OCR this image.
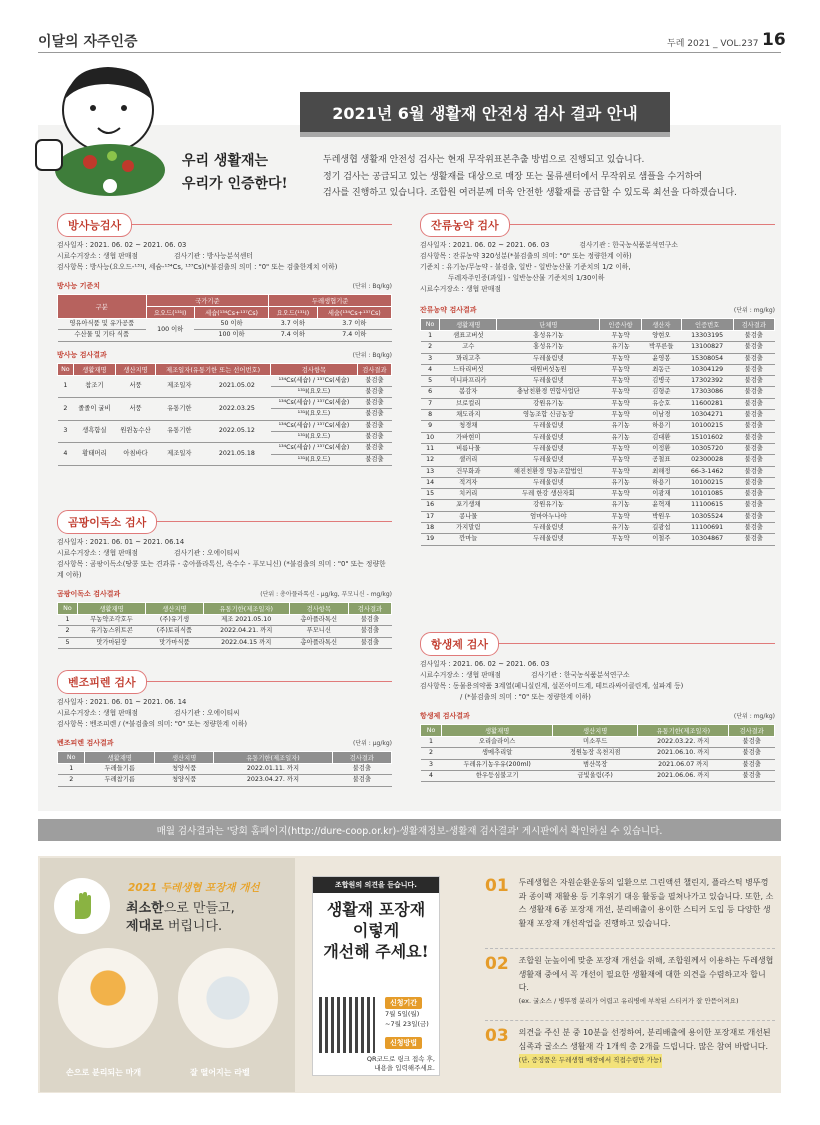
이달의 자주인증	두레 2021 _ VOL.237 16
2021년 6월 생활재 안전성 검사 결과 안내
우리 생활재는
우리가 인증한다!
두레생협 생활재 안전성 검사는 현재 무작위표본추출 방법으로 진행되고 있습니다.
정기 검사는 공급되고 있는 생활재를 대상으로 매장 또는 물류센터에서 무작위로 샘플을 수거하여
검사를 진행하고 있습니다. 조합원 여러분께 더욱 안전한 생활재를 공급할 수 있도록 최선을 다하겠습니다.
방사능검사
검사일자 : 2021. 06. 02 ~ 2021. 06. 03
시료수거장소 : 생협 판매점	검사기관 : 방사능분석센터
검사항목 : 방사능(요오드-¹³¹I, 세슘-¹³⁴Cs, ¹³⁷Cs)(*불검출의 의미 : "0" 또는 검출한계치 이하)
방사능 기준치	(단위 : Bq/kg)
구분	국가기준		두레생협기준	
	요오드(¹³¹I)	세슘(¹³⁴Cs+¹³⁷Cs)	요오드(¹³¹I)	세슘(¹³⁴Cs+¹³⁷Cs)
영유아식품 및 유가공품	100 이하	50 이하	3.7 이하	3.7 이하
수산물 및 기타 식품		100 이하	7.4 이하	7.4 이하
방사능 검사결과	(단위 : Bq/kg)
No	생활재명	생산지명	제조일자(유통기한 또는 선어번호)		검사항목	검사결과
1	참조기	서풍	제조일자	2021.05.02	¹³⁴Cs(세슘) / ¹³⁷Cs(세슘)	불검출
					¹³¹I(요오드)	불검출
2	졸졸이 굴비	서풍	유통기한	2022.03.25	¹³⁴Cs(세슘) / ¹³⁷Cs(세슘)	불검출
					¹³¹I(요오드)	불검출
3	생흑함실	원윈농수산	유통기한	2022.05.12	¹³⁴Cs(세슘) / ¹³⁷Cs(세슘)	불검출
					¹³¹I(요오드)	불검출
4	황태머리	아침바다	제조일자	2021.05.18	¹³⁴Cs(세슘) / ¹³⁷Cs(세슘)	불검출
					¹³¹I(요오드)	불검출
곰팡이독소 검사
검사일자 : 2021. 06. 01 ~ 2021. 06.14
시료수거장소 : 생협 판매점	검사기관 : 오에이티씨
검사항목 : 곰팡이독소(땅콩 또는 견과류 - 총아플라톡신, 옥수수 - 푸모니신) (*불검출의 의미 : "0" 또는 정량한계 이하)
곰팡이독소 검사결과	(단위 : 총아플라톡신 - μg/kg, 푸모니신 - mg/kg)
No	생활재명	생산지명	유통기한(제조일자)	검사항목	검사결과
1	무농약조각호두	(주)유기생	제조 2021.05.10	총아플라톡신	불검출
2	유기농스위트콘	(주)토리식품	2022.04.21. 까지	푸모니신	불검출
5	맛가마된장	맛가마식품	2022.04.15 까지	총아플라톡신	불검출
벤조피렌 검사
검사일자 : 2021. 06. 01 ~ 2021. 06. 14
시료수거장소 : 생협 판매점	검사기관 : 오에이티씨
검사항목 : 벤조피렌 / (*불검출의 의미: "0" 또는 정량한계 이하)
벤조피렌 검사결과	(단위 : μg/kg)
No	생활재명	생산지명	유통기한(제조일자)	검사결과
1	두레들기름	청양식품	2022.01.11. 까지	불검출
2	두레참기름	청양식품	2023.04.27. 까지	불검출
잔류농약 검사
검사일자 : 2021. 06. 02 ~ 2021. 06. 03	검사기관 : 한국농식품분석연구소
검사항목 : 잔류농약 320성분(*불검출의 의미: "0" 또는 정량한계 이하)
기준치 : 유기농/무농약 - 불검출, 일반 - 일반농산물 기준치의 1/2 이하,
두레자주인증(과일) - 일반농산물 기준치의 1/30이하
시료수거장소 : 생협 판매점
잔류농약 검사결과	(단위 : mg/kg)
No	생활재명	단체명	인증사항	생산자	인증번호	검사결과
1	샘표고버섯	홍성유기농	무농약	양현오	13303195	불검출
2	고수	홍성유기농	유기농	박푸른들	13100827	불검출
3	꽈리고추	두레울림넷	무농약	윤영봉	15308054	불검출
4	느타리버섯	대원버섯농원	무농약	최동근	10304129	불검출
5	미니파프리카	두레울림넷	무농약	김병국	17302392	불검출
6	봄감자	충남친환경 연합사업단	무농약	김형준	17303086	불검출
7	브로컬리	강원유기농	무농약	유승호	11600281	불검출
8	채도라지	영농조합 신금농장	무농약	이남경	10304271	불검출
9	청경채	두레울림넷	유기농	하용기	10100215	불검출
10	가바현미	두레울림넷	유기농	김대환	15101602	불검출
11	비름나물	두레울림넷	무농약	이정환	10305720	불검출
12	샐러리	두레울림넷	무농약	공철표	02300028	불검출
13	건무화과	해진친환경 영농조합법인	무농약	최해정	66-3-1462	불검출
14	적겨자	두레울림넷	유기농	하용기	10100215	불검출
15	치커리	두레 한강 생산자회	무농약	이광재	10101085	불검출
16	포기생채	강원유기농	유기농	윤혁재	11100615	불검출
17	콩나물	엄마아누나야	무농약	박원우	10305524	불검출
18	가지말림	두레울림넷	유기농	길광섭	11100691	불검출
19	깐마늘	두레울림넷	무농약	이철주	10304867	불검출
항생제 검사
검사일자 : 2021. 06. 02 ~ 2021. 06. 03
시료수거장소 : 생협 판매점	검사기관 : 한국농식품분석연구소
검사항목 : 동물용의약품 3계열(페니실린계, 설폰아미드계, 테트라싸이클린계, 설파계 등)
/ (*불검출의 의미 : "0" 또는 정량한계 이하)
항생제 검사결과	(단위 : mg/kg)
No	생활재명	생산지명	유통기한(제조일자)	검사결과
1	오리슬라이스	미소푸드	2022.03.22. 까지	불검출
2	생메추리알	정원농장 옥천지점	2021.06.10. 까지	불검출
3	두레유기농우유(200ml)	범산목장	2021.06.07 까지	불검출
4	한우등심불고기	금빛울림(주)	2021.06.06. 까지	불검출
매월 검사결과는 '당회 홈페이지(http://dure-coop.or.kr)-생활재정보-생활재 검사결과' 게시판에서 확인하실 수 있습니다.
2021 두레생협 포장재 개선
최소한으로 만들고,
제대로 버립니다.
손으로 분리되는 마개	잘 떨어지는 라벨
조합원의 의견을 듣습니다.
생활재 포장재
이렇게
개선해 주세요!
신청기간
7월 5일(월)
~7월 23일(금)
신청방법
QR코드로 링크 접속 후,
내용을 입력해주세요.
01 두레생협은 자원순환운동의 일환으로 그린액션 챌린지, 플라스틱 병뚜껑과 종이팩 재활용 등 기후위기 대응 활동을 펼쳐나가고 있습니다. 또한, 소스 생활재 6종 포장재 개선, 분리배출이 용이한 스티커 도입 등 다양한 생활재 포장재 개선작업을 진행하고 있습니다.
02 조합원 눈높이에 맞춘 포장재 개선을 위해, 조합원께서 이용하는 두레생협 생활재 중에서 꼭 개선이 필요한 생활재에 대한 의견을 수렴하고자 합니다.
(ex. 굴소스 / 병뚜껑 분리가 어렵고 유리병에 부착된 스티커가 잘 안뜯어져요)
03 의견을 주신 분 중 10분을 선정하여, 분리배출에 용이한 포장재로 개선된 심족과 굴소스 생활재 각 1개씩 총 2개를 드립니다. 많은 참여 바랍니다.
(단, 증정품은 두레생협 매장에서 직접수령만 가능)
